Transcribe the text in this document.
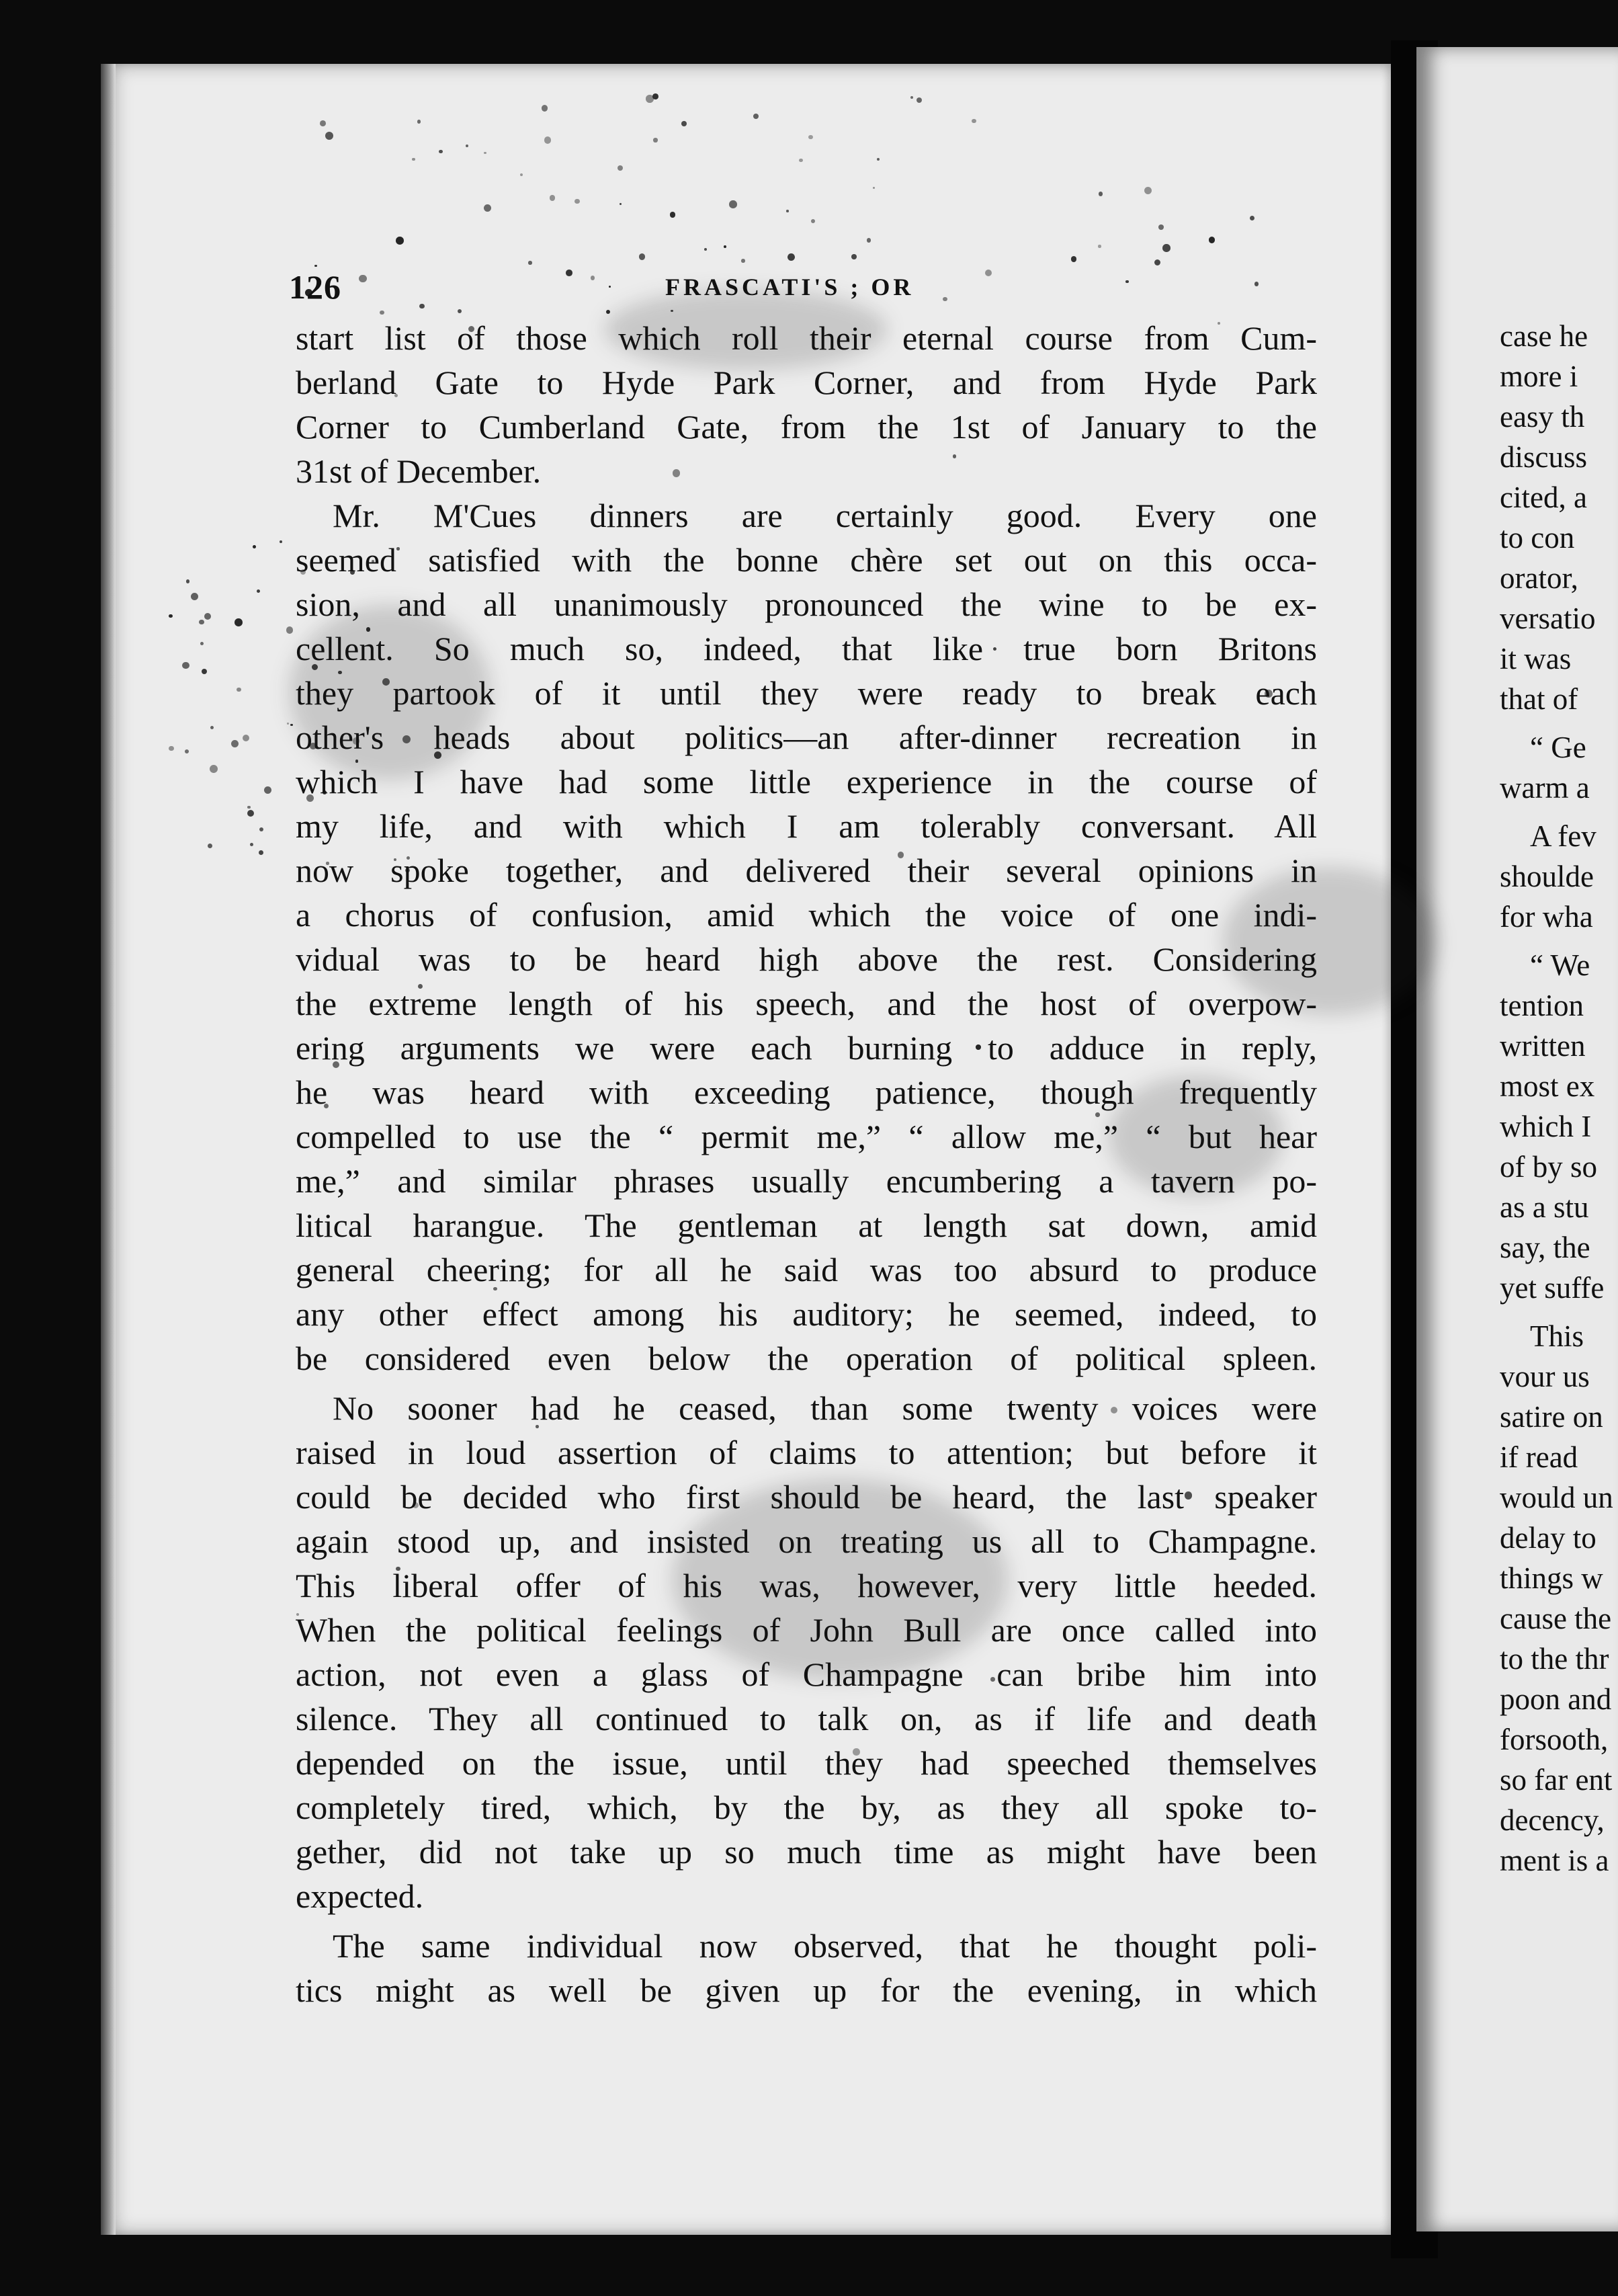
126	FRASCATI'S ; OR
start list of those which roll their eternal course from Cum-
berland Gate to Hyde Park Corner, and from Hyde Park
Corner to Cumberland Gate, from the 1st of January to the
31st of December.
Mr. M'Cues dinners are certainly good. Every one
seemed satisfied with the bonne chère set out on this occa-
sion, and all unanimously pronounced the wine to be ex-
cellent. So much so, indeed, that like true born Britons
they partook of it until they were ready to break each
other's heads about politics—an after-dinner recreation in
which I have had some little experience in the course of
my life, and with which I am tolerably conversant. All
now spoke together, and delivered their several opinions in
a chorus of confusion, amid which the voice of one indi-
vidual was to be heard high above the rest. Considering
the extreme length of his speech, and the host of overpow-
ering arguments we were each burning to adduce in reply,
he was heard with exceeding patience, though frequently
compelled to use the “ permit me,” “ allow me,” “ but hear
me,” and similar phrases usually encumbering a tavern po-
litical harangue. The gentleman at length sat down, amid
general cheering; for all he said was too absurd to produce
any other effect among his auditory; he seemed, indeed, to
be considered even below the operation of political spleen.
No sooner had he ceased, than some twenty voices were
raised in loud assertion of claims to attention; but before it
could be decided who first should be heard, the last speaker
again stood up, and insisted on treating us all to Champagne.
This liberal offer of his was, however, very little heeded.
When the political feelings of John Bull are once called into
action, not even a glass of Champagne can bribe him into
silence. They all continued to talk on, as if life and death
depended on the issue, until they had speeched themselves
completely tired, which, by the by, as they all spoke to-
gether, did not take up so much time as might have been
expected.
The same individual now observed, that he thought poli-
tics might as well be given up for the evening, in which
case he
more i
easy th
discuss
cited, a
to con
orator,
versatio
it was
that of
“ Ge
warm a
A fev
shoulde
for wha
“ We
tention
written
most ex
which I
of by so
as a stu
say, the
yet suffe
This
vour us
satire on
if read
would un
delay to
things w
cause the
to the thr
poon and
forsooth,
so far ent
decency,
ment is a
